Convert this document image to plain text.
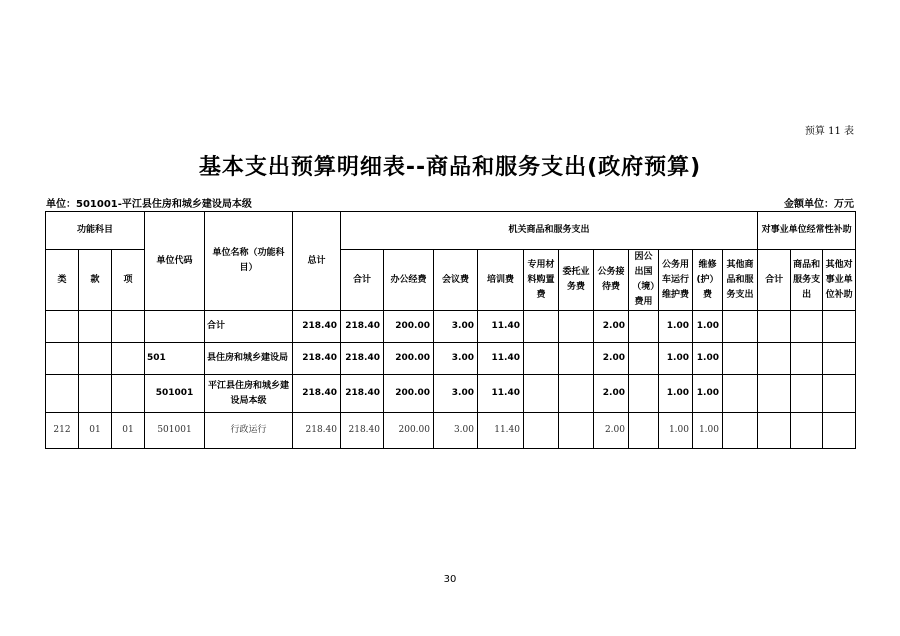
预算 11 表
基本支出预算明细表--商品和服务支出(政府预算)
单位：501001-平江县住房和城乡建设局本级	金额单位：万元
功能科目			单位代码	单位名称（功能科目）	总计	机关商品和服务支出											对事业单位经常性补助		
类	款	项				合计	办公经费	会议费	培训费	专用材料购置费	委托业务费	公务接待费	因公出国（境）费用	公务用车运行维护费	维修(护）费	其他商品和服务支出	合计	商品和服务支出	其他对事业单位补助
				合计	218.40	218.40	200.00	3.00	11.40			2.00		1.00	1.00				
			501	县住房和城乡建设局	218.40	218.40	200.00	3.00	11.40			2.00		1.00	1.00				
			501001	平江县住房和城乡建设局本级	218.40	218.40	200.00	3.00	11.40			2.00		1.00	1.00				
212	01	01	501001	行政运行	218.40	218.40	200.00	3.00	11.40			2.00		1.00	1.00				
30
